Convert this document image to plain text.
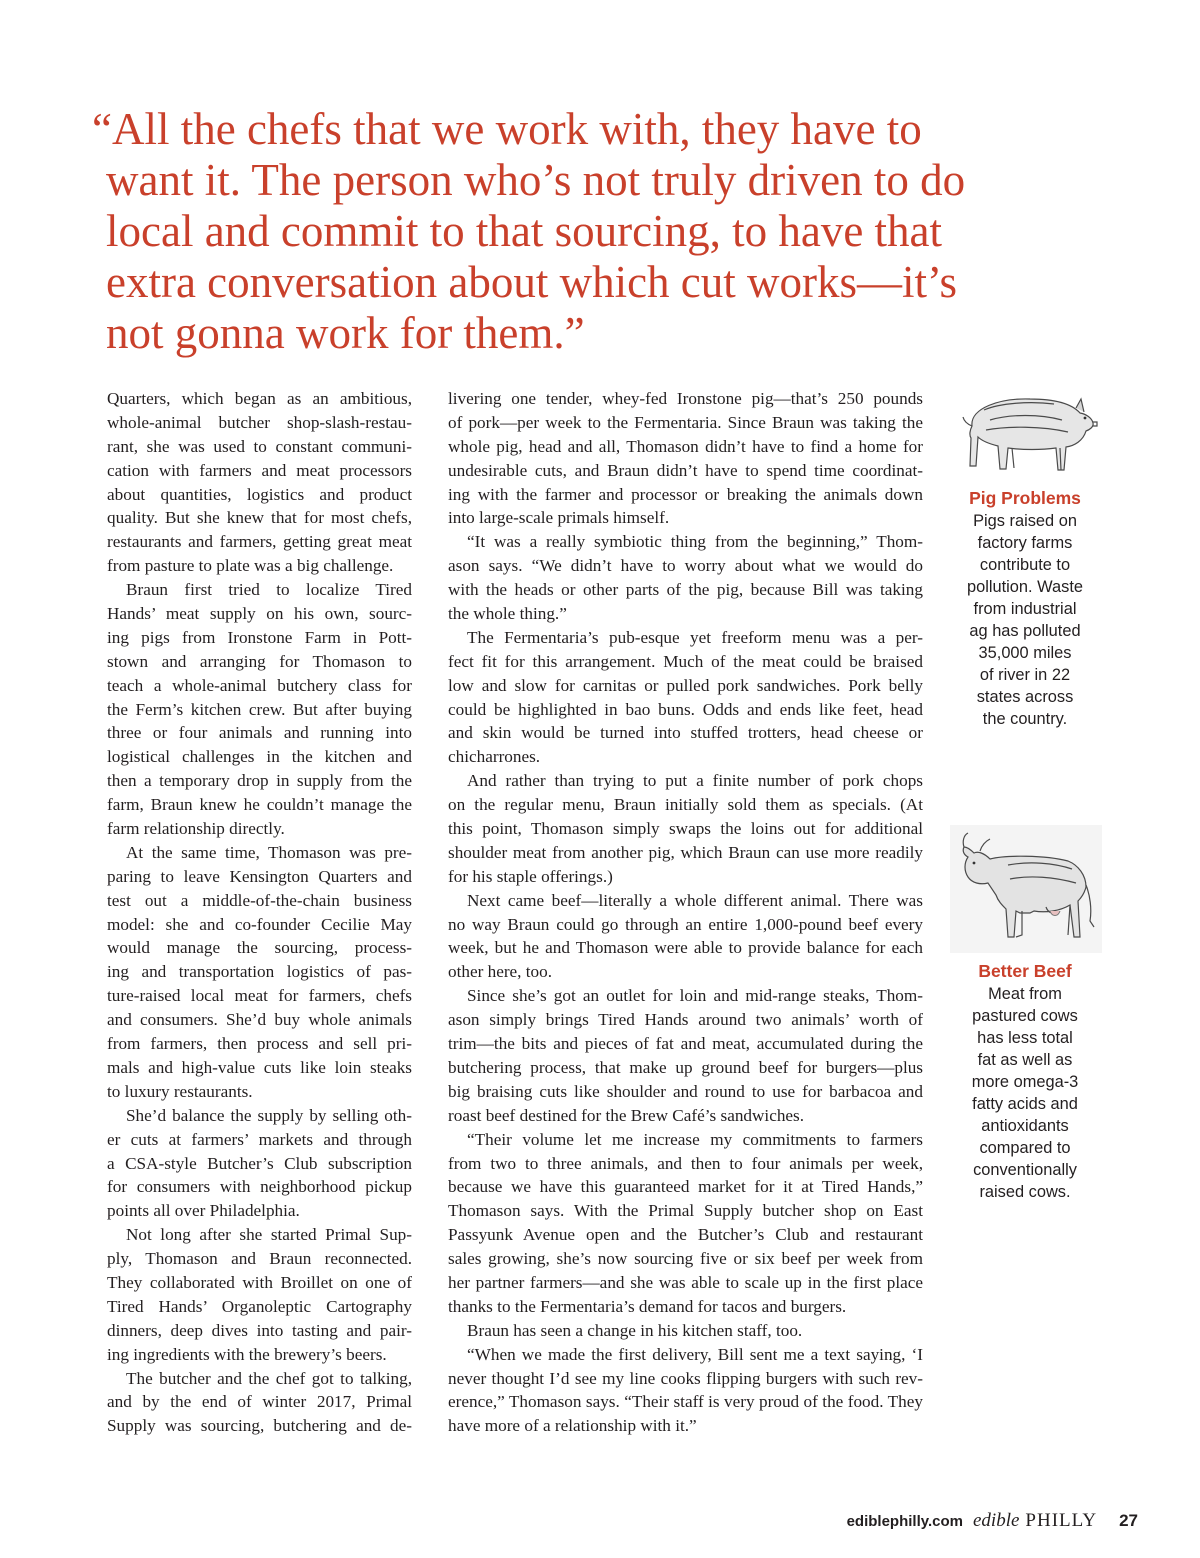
“All the chefs that we work with, they have to
want it. The person who’s not truly driven to do
local and commit to that sourcing, to have that
extra conversation about which cut works—it’s
not gonna work for them.”
Quarters, which began as an ambitious,
whole-animal butcher shop-slash-restau-
rant, she was used to constant communi-
cation with farmers and meat processors
about quantities, logistics and product
quality. But she knew that for most chefs,
restaurants and farmers, getting great meat
from pasture to plate was a big challenge.
Braun first tried to localize Tired
Hands’ meat supply on his own, sourc-
ing pigs from Ironstone Farm in Pott-
stown and arranging for Thomason to
teach a whole-animal butchery class for
the Ferm’s kitchen crew. But after buying
three or four animals and running into
logistical challenges in the kitchen and
then a temporary drop in supply from the
farm, Braun knew he couldn’t manage the
farm relationship directly.
At the same time, Thomason was pre-
paring to leave Kensington Quarters and
test out a middle-of-the-chain business
model: she and co-founder Cecilie May
would manage the sourcing, process-
ing and transportation logistics of pas-
ture-raised local meat for farmers, chefs
and consumers. She’d buy whole animals
from farmers, then process and sell pri-
mals and high-value cuts like loin steaks
to luxury restaurants.
She’d balance the supply by selling oth-
er cuts at farmers’ markets and through
a CSA-style Butcher’s Club subscription
for consumers with neighborhood pickup
points all over Philadelphia.
Not long after she started Primal Sup-
ply, Thomason and Braun reconnected.
They collaborated with Broillet on one of
Tired Hands’ Organoleptic Cartography
dinners, deep dives into tasting and pair-
ing ingredients with the brewery’s beers.
The butcher and the chef got to talking,
and by the end of winter 2017, Primal
Supply was sourcing, butchering and de-
livering one tender, whey-fed Ironstone pig—that’s 250 pounds
of pork—per week to the Fermentaria. Since Braun was taking the
whole pig, head and all, Thomason didn’t have to find a home for
undesirable cuts, and Braun didn’t have to spend time coordinat-
ing with the farmer and processor or breaking the animals down
into large-scale primals himself.
“It was a really symbiotic thing from the beginning,” Thom-
ason says. “We didn’t have to worry about what we would do
with the heads or other parts of the pig, because Bill was taking
the whole thing.”
The Fermentaria’s pub-esque yet freeform menu was a per-
fect fit for this arrangement. Much of the meat could be braised
low and slow for carnitas or pulled pork sandwiches. Pork belly
could be highlighted in bao buns. Odds and ends like feet, head
and skin would be turned into stuffed trotters, head cheese or
chicharrones.
And rather than trying to put a finite number of pork chops
on the regular menu, Braun initially sold them as specials. (At
this point, Thomason simply swaps the loins out for additional
shoulder meat from another pig, which Braun can use more readily
for his staple offerings.)
Next came beef—literally a whole different animal. There was
no way Braun could go through an entire 1,000-pound beef every
week, but he and Thomason were able to provide balance for each
other here, too.
Since she’s got an outlet for loin and mid-range steaks, Thom-
ason simply brings Tired Hands around two animals’ worth of
trim—the bits and pieces of fat and meat, accumulated during the
butchering process, that make up ground beef for burgers—plus
big braising cuts like shoulder and round to use for barbacoa and
roast beef destined for the Brew Café’s sandwiches.
“Their volume let me increase my commitments to farmers
from two to three animals, and then to four animals per week,
because we have this guaranteed market for it at Tired Hands,”
Thomason says. With the Primal Supply butcher shop on East
Passyunk Avenue open and the Butcher’s Club and restaurant
sales growing, she’s now sourcing five or six beef per week from
her partner farmers—and she was able to scale up in the first place
thanks to the Fermentaria’s demand for tacos and burgers.
Braun has seen a change in his kitchen staff, too.
“When we made the first delivery, Bill sent me a text saying, ‘I
never thought I’d see my line cooks flipping burgers with such rev-
erence,” Thomason says. “Their staff is very proud of the food. They
have more of a relationship with it.”
Pig Problems
Pigs raised on
factory farms
contribute to
pollution. Waste
from industrial
ag has polluted
35,000 miles
of river in 22
states across
the country.
Better Beef
Meat from
pastured cows
has less total
fat as well as
more omega-3
fatty acids and
antioxidants
compared to
conventionally
raised cows.
ediblephilly.com edible PHILLY 27
